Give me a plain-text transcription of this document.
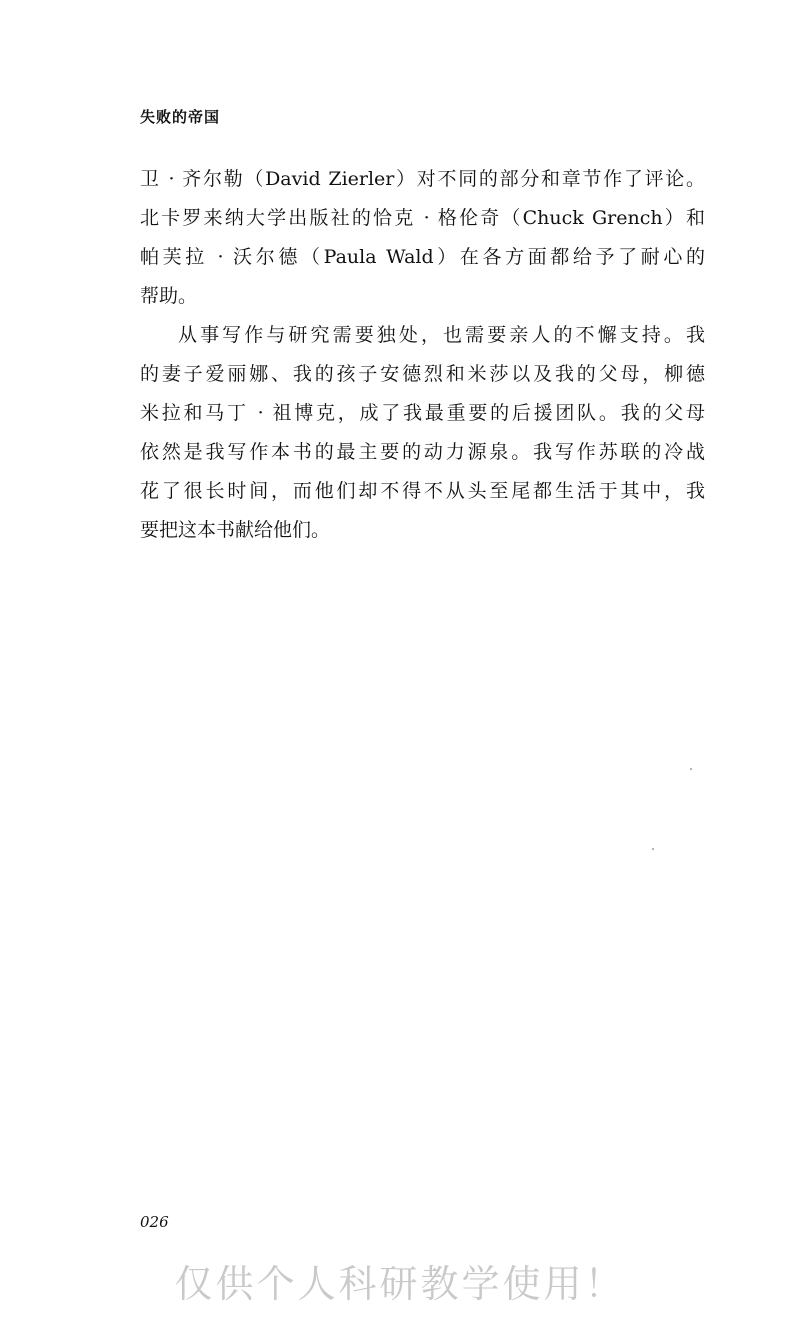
失败的帝国
卫 · 齐尔勒（David Zierler）对不同的部分和章节作了评论。
北卡罗来纳大学出版社的恰克 · 格伦奇（Chuck Grench）和
帕芙拉 · 沃尔德（Paula Wald）在各方面都给予了耐心的
帮助。
从事写作与研究需要独处，也需要亲人的不懈支持。我
的妻子爱丽娜、我的孩子安德烈和米莎以及我的父母，柳德
米拉和马丁 · 祖博克，成了我最重要的后援团队。我的父母
依然是我写作本书的最主要的动力源泉。我写作苏联的冷战
花了很长时间，而他们却不得不从头至尾都生活于其中，我
要把这本书献给他们。
026
仅供个人科研教学使用！
